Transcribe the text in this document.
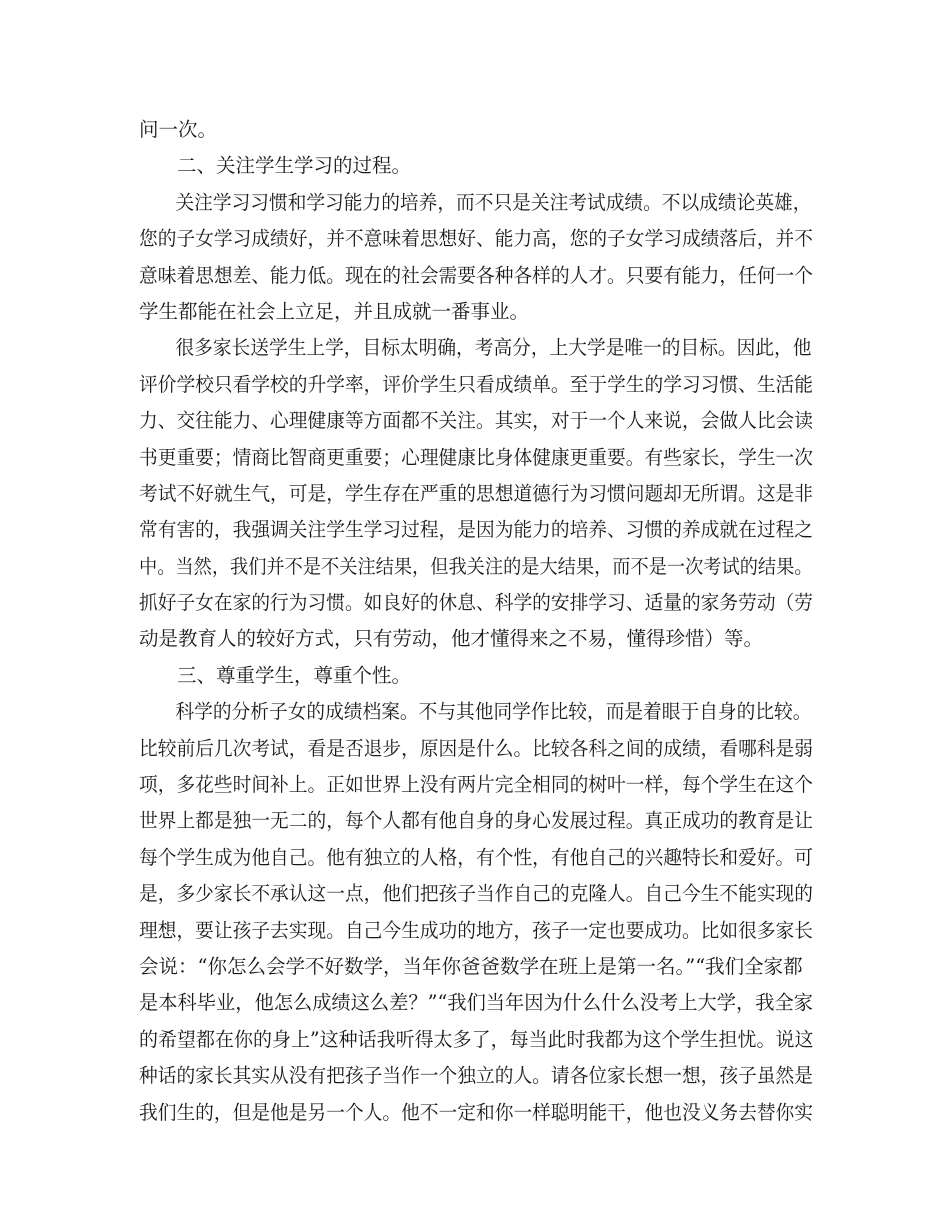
问一次。
二、关注学生学习的过程。
关注学习习惯和学习能力的培养，而不只是关注考试成绩。不以成绩论英雄，
您的子女学习成绩好，并不意味着思想好、能力高，您的子女学习成绩落后，并不
意味着思想差、能力低。现在的社会需要各种各样的人才。只要有能力，任何一个
学生都能在社会上立足，并且成就一番事业。
很多家长送学生上学，目标太明确，考高分，上大学是唯一的目标。因此，他
评价学校只看学校的升学率，评价学生只看成绩单。至于学生的学习习惯、生活能
力、交往能力、心理健康等方面都不关注。其实，对于一个人来说，会做人比会读
书更重要；情商比智商更重要；心理健康比身体健康更重要。有些家长，学生一次
考试不好就生气，可是，学生存在严重的思想道德行为习惯问题却无所谓。这是非
常有害的，我强调关注学生学习过程，是因为能力的培养、习惯的养成就在过程之
中。当然，我们并不是不关注结果，但我关注的是大结果，而不是一次考试的结果。
抓好子女在家的行为习惯。如良好的休息、科学的安排学习、适量的家务劳动（劳
动是教育人的较好方式，只有劳动，他才懂得来之不易，懂得珍惜）等。
三、尊重学生，尊重个性。
科学的分析子女的成绩档案。不与其他同学作比较，而是着眼于自身的比较。
比较前后几次考试，看是否退步，原因是什么。比较各科之间的成绩，看哪科是弱
项，多花些时间补上。正如世界上没有两片完全相同的树叶一样，每个学生在这个
世界上都是独一无二的，每个人都有他自身的身心发展过程。真正成功的教育是让
每个学生成为他自己。他有独立的人格，有个性，有他自己的兴趣特长和爱好。可
是，多少家长不承认这一点，他们把孩子当作自己的克隆人。自己今生不能实现的
理想，要让孩子去实现。自己今生成功的地方，孩子一定也要成功。比如很多家长
会说：“你怎么会学不好数学，当年你爸爸数学在班上是第一名。”“我们全家都
是本科毕业，他怎么成绩这么差？”“我们当年因为什么什么没考上大学，我全家
的希望都在你的身上”这种话我听得太多了，每当此时我都为这个学生担忧。说这
种话的家长其实从没有把孩子当作一个独立的人。请各位家长想一想，孩子虽然是
我们生的，但是他是另一个人。他不一定和你一样聪明能干，他也没义务去替你实
